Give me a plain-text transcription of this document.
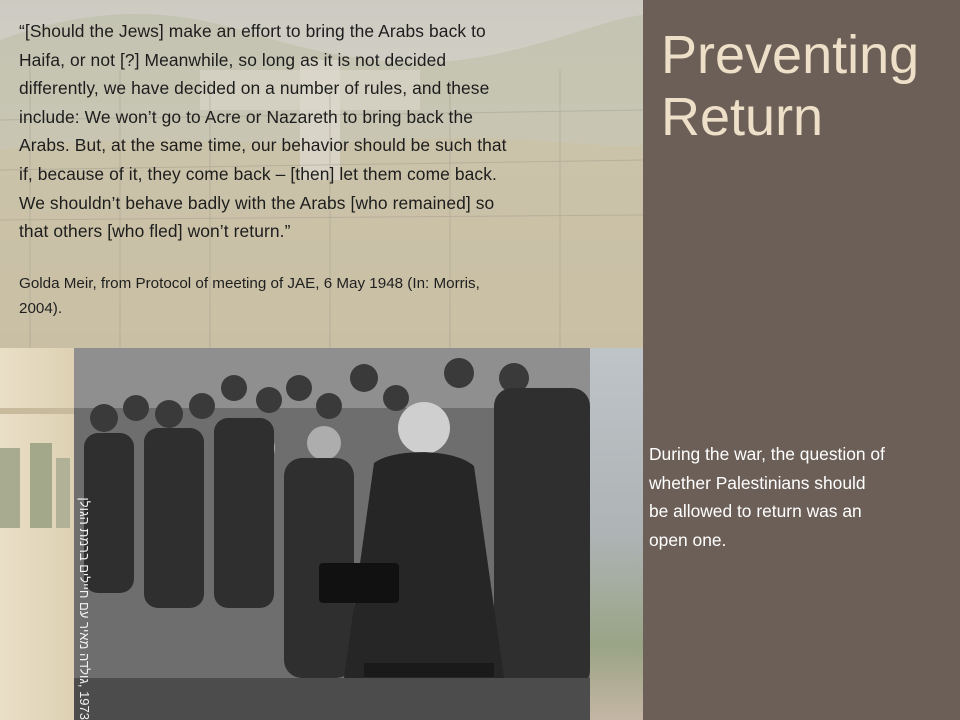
“[Should the Jews] make an effort to bring the Arabs back to
Haifa, or not [?] Meanwhile, so long as it is not decided
differently, we have decided on a number of rules, and these
include: We won’t go to Acre or Nazareth to bring back the
Arabs. But, at the same time, our behavior should be such that
if, because of it, they come back – [then] let them come back.
We shouldn’t behave badly with the Arabs [who remained] so
that others [who fled] won’t return.”
Golda Meir, from Protocol of meeting of JAE, 6 May 1948 (In: Morris,
2004).
1973 ,גולדה מאיר עם חיילים ברמת הגולן
Preventing
Return
During the war, the question of
whether Palestinians should
be allowed to return was an
open one.
